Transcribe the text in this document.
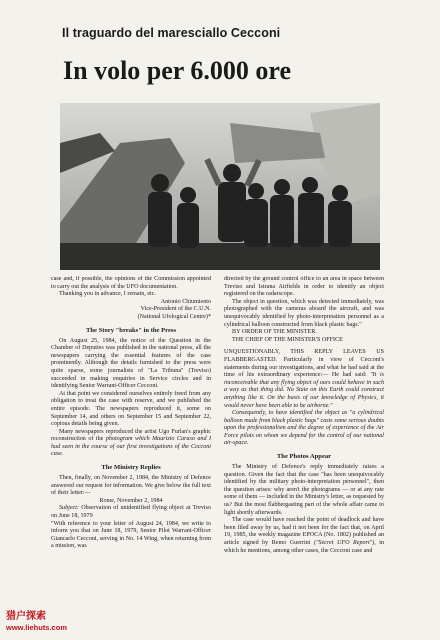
Il traguardo del maresciallo Cecconi
In volo per 6.000 ore

case and, if possible, the opinions of the Commission appointed to carry out the analysis of the UFO documentation.

Thanking you in advance, I remain, etc.

Antonio Chiumiento

Vice-President of the C.U.N.

(National Ufological Centre)*

The Story "breaks" in the Press

On August 25, 1984, the notice of the Question in the Chamber of Deputies was published in the national press, all the newspapers carrying the essential features of the case prominently. Although the details furnished to the press were quite sparse, some journalists of "La Tribuna" (Treviso) succeeded in making enquiries in Service circles and in identifying Senior Warrant-Officer Cecconi.

At that point we considered ourselves entirely freed from any obligation to treat the case with reserve, and we published the entire episode. The newspapers reproduced it, some on September 14, and others on September 15 and September 22, copious details being given.

Many newspapers reproduced the artist Ugo Furlan's graphic reconstruction of the photogram which Maurizio Caruso and I had seen in the course of our first investigations of the Cecconi case.

The Ministry Replies

Then, finally, on November 2, 1984, the Ministry of Defence answered our request for information. We give below the full text of their letter:—

Rome, November 2, 1984

Subject: Observation of unidentified flying object at Treviso on June 18, 1979

"With reference to your letter of August 24, 1984, we write to inform you that on June 18, 1979, Senior Pilot Warrant-Officer Giancarlo Cecconi, serving in No. 14 Wing, when returning from a mission, was

directed by the ground control office to an area in space between Treviso and Istrana Airfields in order to identify an object registered on the radarscope.

The object in question, which was detected immediately, was photographed with the cameras aboard the aircraft, and was unequivocably identified by photo-interpretation personnel as a cylindrical balloon constructed from black plastic bags."

BY ORDER OF THE MINISTER.

THE CHIEF OF THE MINISTER'S OFFICE

UNQUESTIONABLY, THIS REPLY LEAVES US FLABBERGASTED. Particularly in view of Cecconi's statements during our investigations, and what he had said at the time of his extraordinary experience:— He had said: "It is inconceivable that any flying object of ours could behave in such a way as that thing did. No State on this Earth could construct anything like it. On the basis of our knowledge of Physics, it would never have been able to be airborne."

Consequently, to have identified the object as "a cylindrical balloon made from black plastic bags" casts some serious doubts upon the professionalism and the degree of experience of the Air Force pilots on whom we depend for the control of our national air-space.

The Photos Appear

The Ministry of Defence's reply immediately raises a question. Given the fact that the case "has been unequivocably identified by the military photo-interpretation personnel", then the question arises: why aren't the photograms — or at any rate some of them — included in the Ministry's letter, as requested by us? But the most flabbergasting part of the whole affair came to light shortly afterwards.

The case would have reached the point of deadlock and have been filed away by us, had it not been for the fact that, on April 19, 1985, the weekly magazine EPOCA (No. 1802) published an article signed by Remo Guerrini ("Secret UFO Report"), in which he mentions, among other cases, the Cecconi case and

猎户探索
www.liehuts.com
